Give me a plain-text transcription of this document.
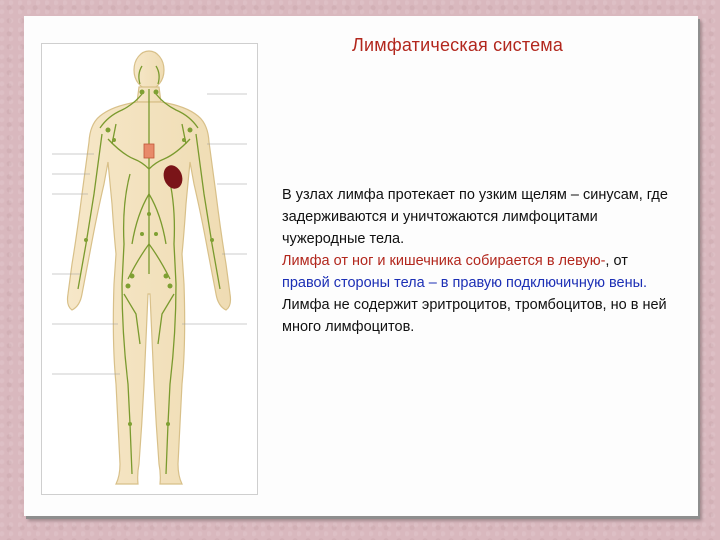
Лимфатическая система
В узлах лимфа протекает по узким щелям – синусам, где задерживаются и уничтожаются лимфоцитами чужеродные тела.
Лимфа от ног и кишечника собирается в левую-, от правой стороны тела – в правую подключичную вены.
Лимфа не содержит эритроцитов, тромбоцитов, но в ней много лимфоцитов.
